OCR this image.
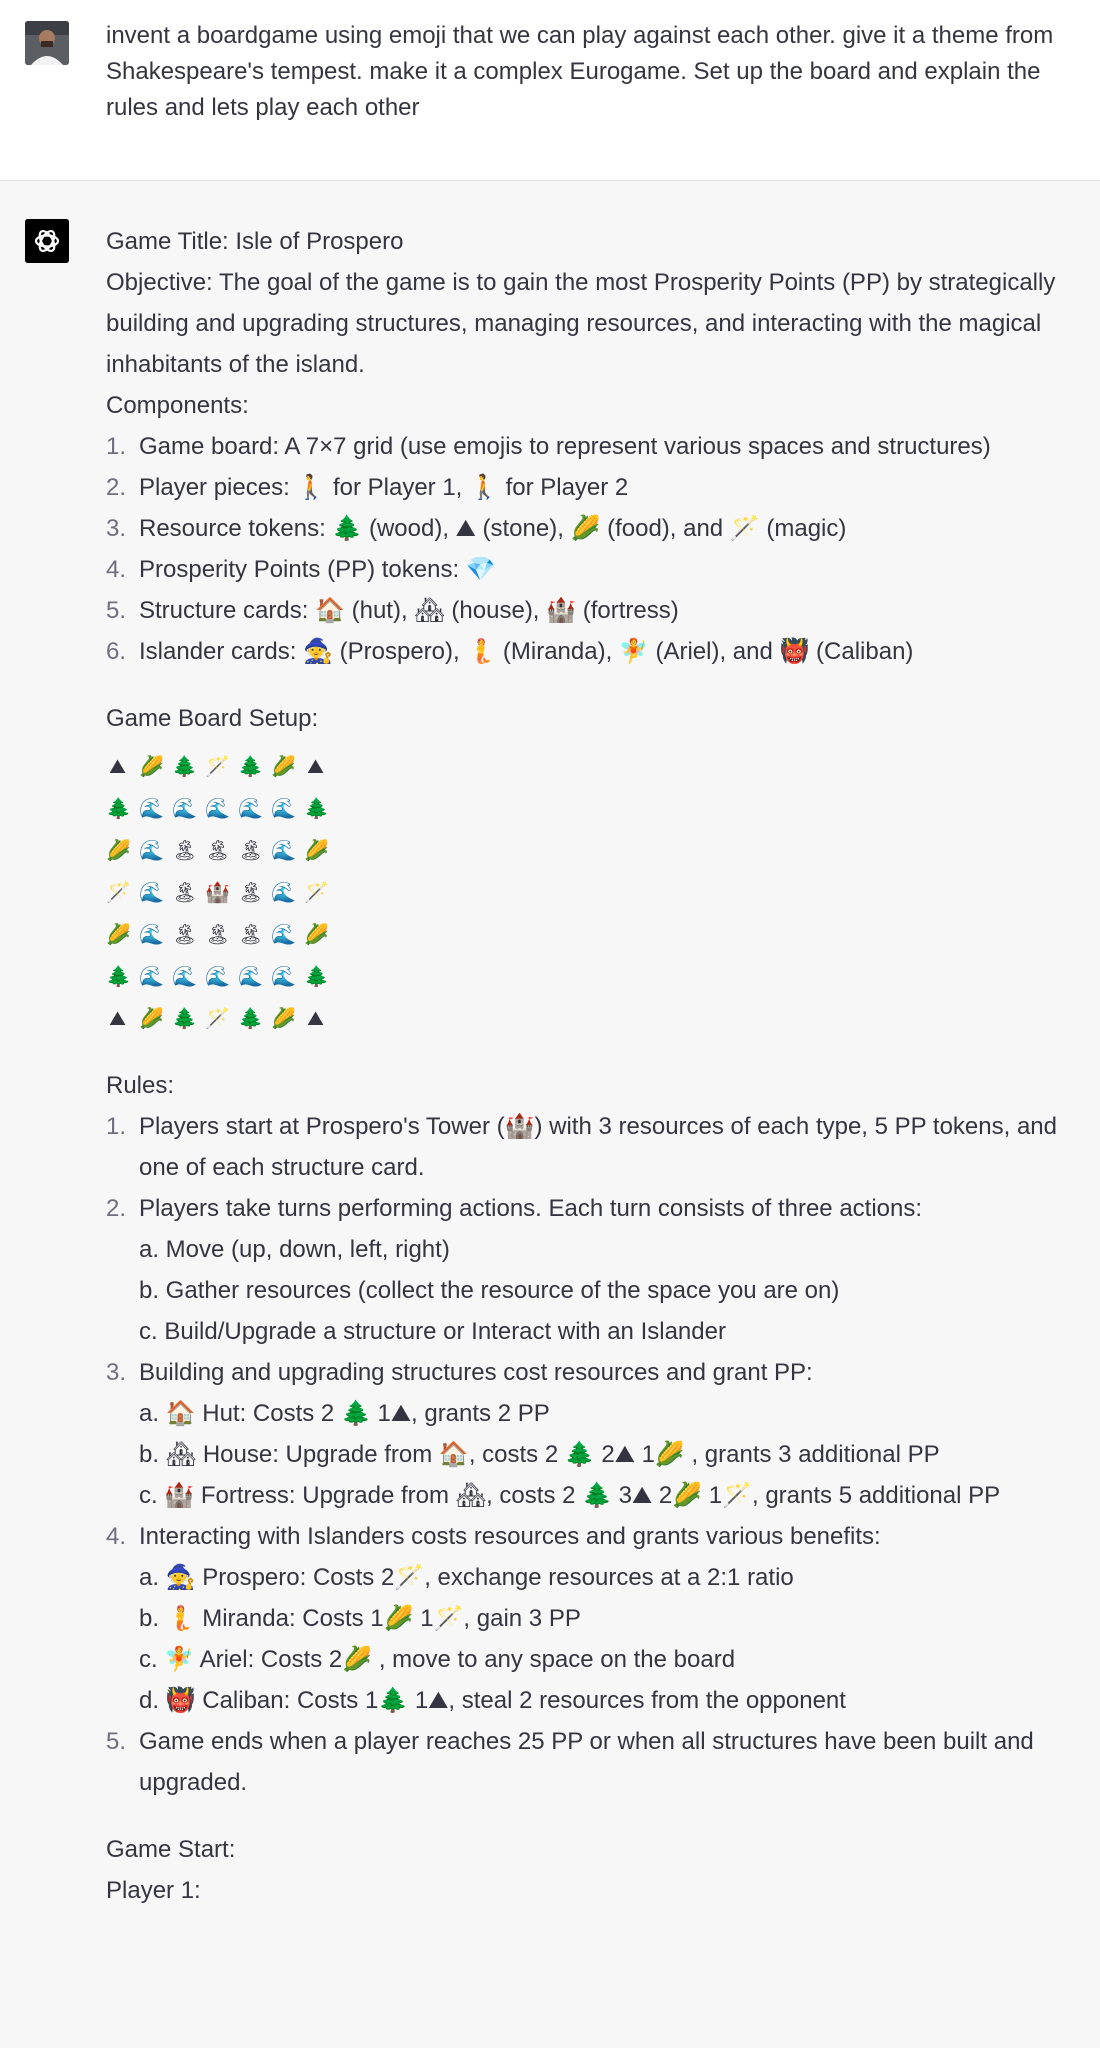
invent a boardgame using emoji that we can play against each other. give it a theme from Shakespeare's tempest. make it a complex Eurogame. Set up the board and explain the rules and lets play each other

Game Title: Isle of Prospero

Objective: The goal of the game is to gain the most Prosperity Points (PP) by strategically building and upgrading structures, managing resources, and interacting with the magical inhabitants of the island.

Components:

1. Game board: A 7×7 grid (use emojis to represent various spaces and structures)
2. Player pieces: 🚶 for Player 1, 🚶 for Player 2
3. Resource tokens: 🌲 (wood), ⛰ (stone), 🌽 (food), and 🪄 (magic)
4. Prosperity Points (PP) tokens: 💎
5. Structure cards: 🏠 (hut), 🏘 (house), 🏰 (fortress)
6. Islander cards: 🧙 (Prospero), 🧜 (Miranda), 🧚 (Ariel), and 👹 (Caliban)

Game Board Setup:

⛰ 🌽 🌲 🪄 🌲 🌽 ⛰
🌲 🌊 🌊 🌊 🌊 🌊 🌲
🌽 🌊 🏝 🏝 🏝 🌊 🌽
🪄 🌊 🏝 🏰 🏝 🌊 🪄
🌽 🌊 🏝 🏝 🏝 🌊 🌽
🌲 🌊 🌊 🌊 🌊 🌊 🌲
⛰ 🌽 🌲 🪄 🌲 🌽 ⛰

Rules:

1. Players start at Prospero's Tower (🏰) with 3 resources of each type, 5 PP tokens, and one of each structure card.
2. Players take turns performing actions. Each turn consists of three actions:
a. Move (up, down, left, right)
b. Gather resources (collect the resource of the space you are on)
c. Build/Upgrade a structure or Interact with an Islander
3. Building and upgrading structures cost resources and grant PP:
a. 🏠 Hut: Costs 2 🌲 1⛰, grants 2 PP
b. 🏘 House: Upgrade from 🏠, costs 2 🌲 2⛰ 1🌽 , grants 3 additional PP
c. 🏰 Fortress: Upgrade from 🏘, costs 2 🌲 3⛰ 2🌽 1🪄, grants 5 additional PP
4. Interacting with Islanders costs resources and grants various benefits:
a. 🧙 Prospero: Costs 2🪄, exchange resources at a 2:1 ratio
b. 🧜 Miranda: Costs 1🌽 1🪄, gain 3 PP
c. 🧚 Ariel: Costs 2🌽 , move to any space on the board
d. 👹 Caliban: Costs 1🌲 1⛰, steal 2 resources from the opponent
5. Game ends when a player reaches 25 PP or when all structures have been built and upgraded.

Game Start:

Player 1:
